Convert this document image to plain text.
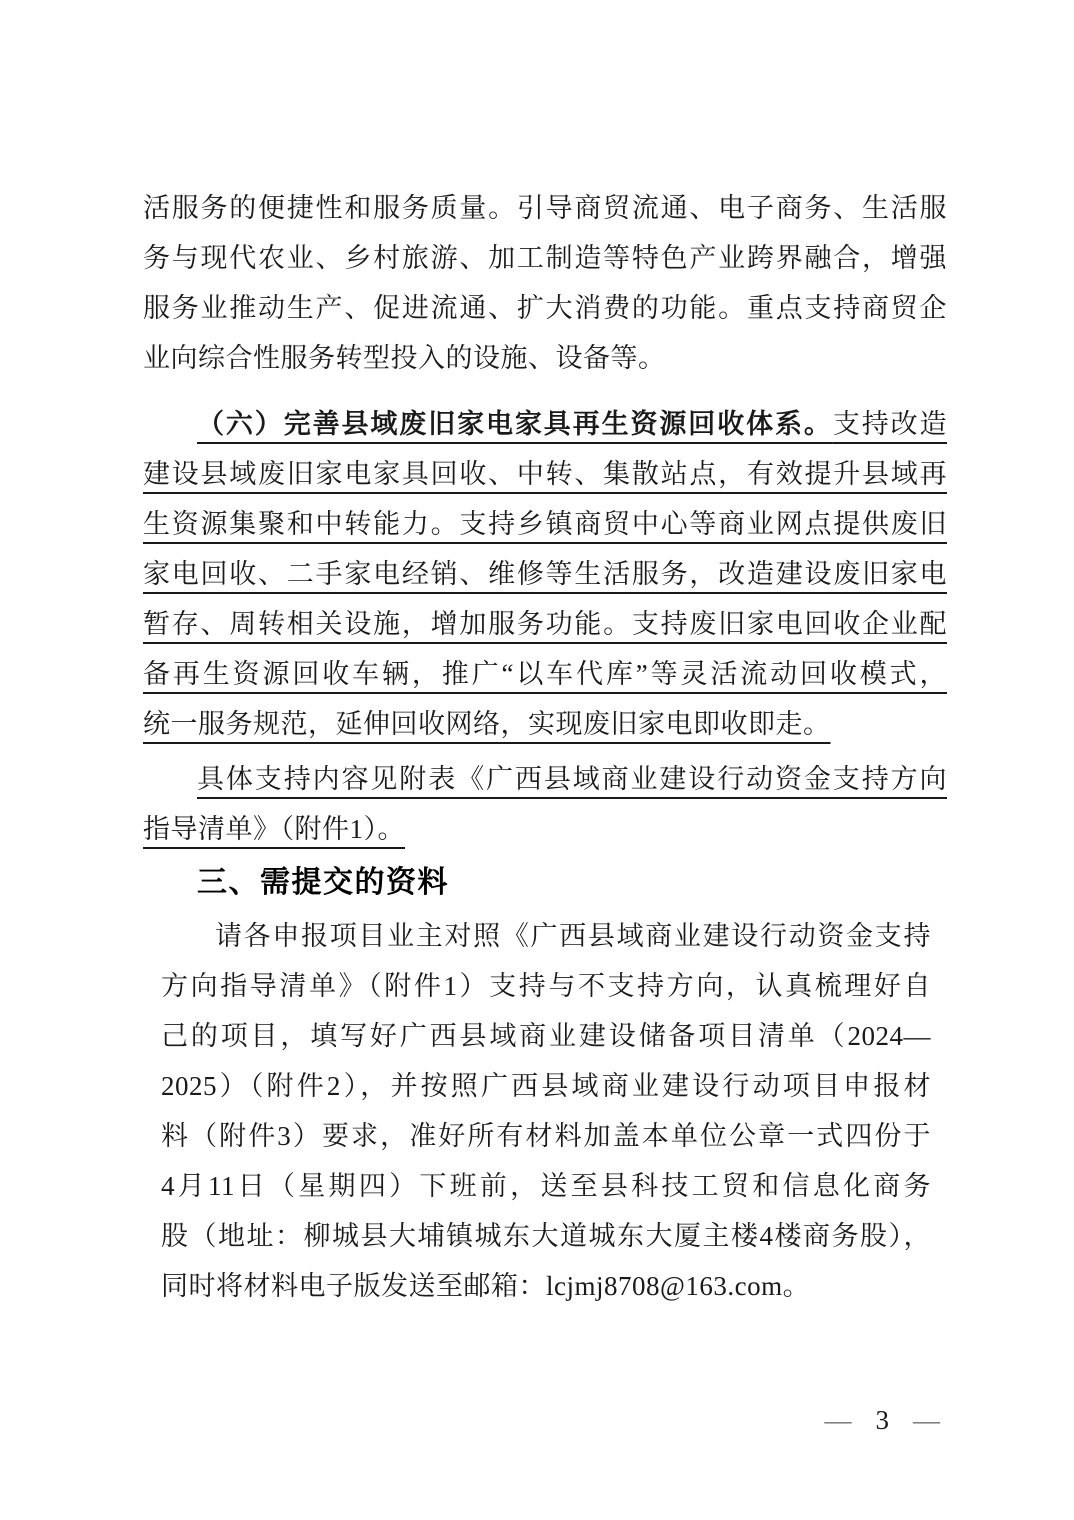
活服务的便捷性和服务质量。引导商贸流通、电子商务、生活服
务与现代农业、乡村旅游、加工制造等特色产业跨界融合，增强
服务业推动生产、促进流通、扩大消费的功能。重点支持商贸企
业向综合性服务转型投入的设施、设备等。
（六）完善县域废旧家电家具再生资源回收体系。支持改造
建设县域废旧家电家具回收、中转、集散站点，有效提升县域再
生资源集聚和中转能力。支持乡镇商贸中心等商业网点提供废旧
家电回收、二手家电经销、维修等生活服务，改造建设废旧家电
暂存、周转相关设施，增加服务功能。支持废旧家电回收企业配
备再生资源回收车辆，推广“以车代库”等灵活流动回收模式，
统一服务规范，延伸回收网络，实现废旧家电即收即走。
具体支持内容见附表《广西县域商业建设行动资金支持方向
指导清单》（附件1）。
三、需提交的资料
请各申报项目业主对照《广西县域商业建设行动资金支持
方向指导清单》（附件1）支持与不支持方向，认真梳理好自
己的项目，填写好广西县域商业建设储备项目清单（2024—
2025）（附件2），并按照广西县域商业建设行动项目申报材
料（附件3）要求，准好所有材料加盖本单位公章一式四份于
4月11日（星期四）下班前，送至县科技工贸和信息化商务
股（地址：柳城县大埔镇城东大道城东大厦主楼4楼商务股），
同时将材料电子版发送至邮箱：lcjmj8708@163.com。
— 3 —
